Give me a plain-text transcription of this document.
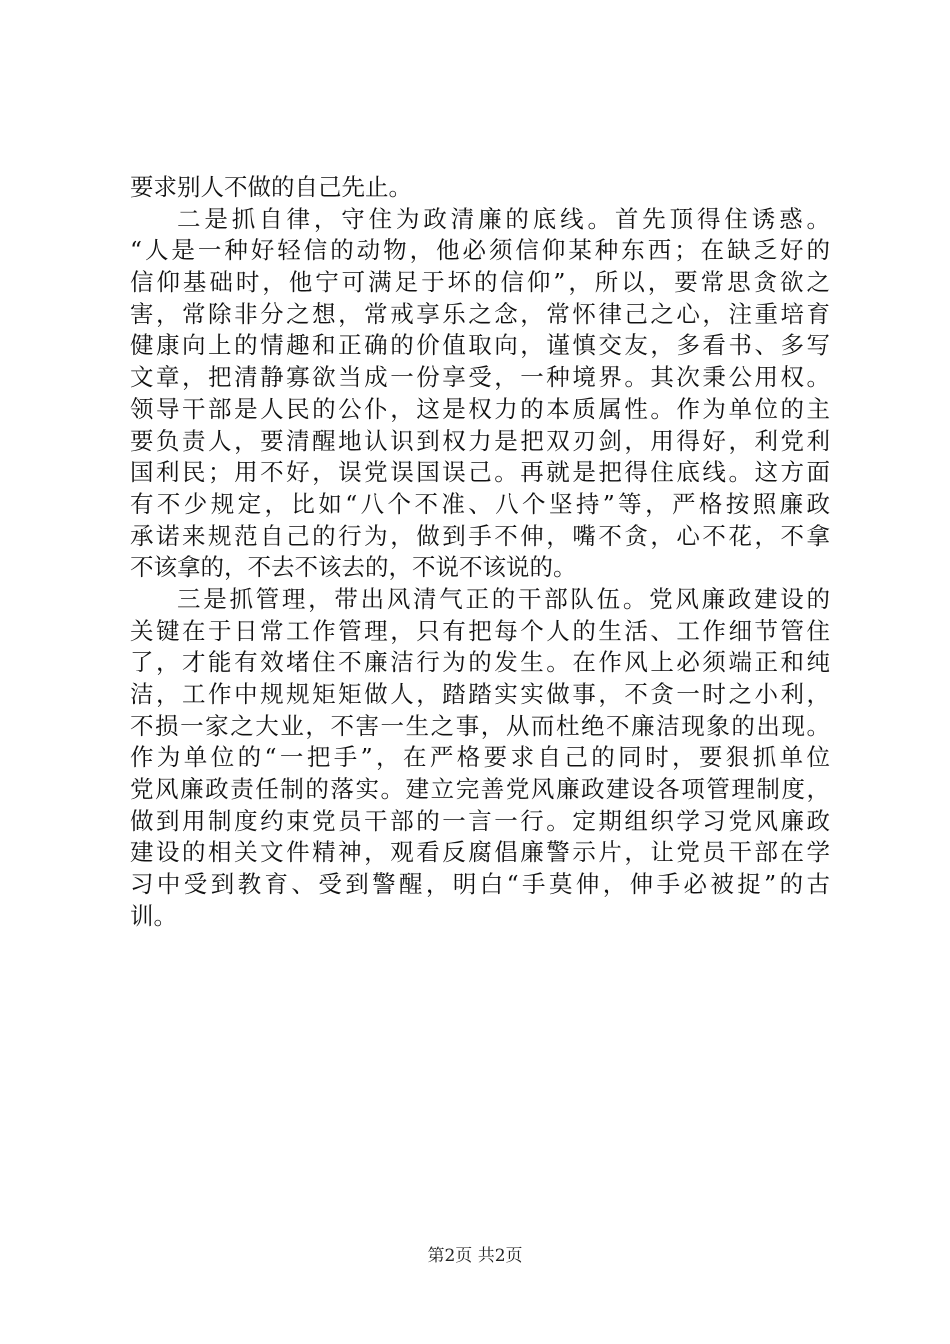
要求别人不做的自己先止。
二是抓自律，守住为政清廉的底线。首先顶得住诱惑。
“人是一种好轻信的动物，他必须信仰某种东西；在缺乏好的
信仰基础时，他宁可满足于坏的信仰”，所以，要常思贪欲之
害，常除非分之想，常戒享乐之念，常怀律己之心，注重培育
健康向上的情趣和正确的价值取向，谨慎交友，多看书、多写
文章，把清静寡欲当成一份享受，一种境界。其次秉公用权。
领导干部是人民的公仆，这是权力的本质属性。作为单位的主
要负责人，要清醒地认识到权力是把双刃剑，用得好，利党利
国利民；用不好，误党误国误己。再就是把得住底线。这方面
有不少规定，比如“八个不准、八个坚持”等，严格按照廉政
承诺来规范自己的行为，做到手不伸，嘴不贪，心不花，不拿
不该拿的，不去不该去的，不说不该说的。
三是抓管理，带出风清气正的干部队伍。党风廉政建设的
关键在于日常工作管理，只有把每个人的生活、工作细节管住
了，才能有效堵住不廉洁行为的发生。在作风上必须端正和纯
洁，工作中规规矩矩做人，踏踏实实做事，不贪一时之小利，
不损一家之大业，不害一生之事，从而杜绝不廉洁现象的出现。
作为单位的“一把手”，在严格要求自己的同时，要狠抓单位
党风廉政责任制的落实。建立完善党风廉政建设各项管理制度，
做到用制度约束党员干部的一言一行。定期组织学习党风廉政
建设的相关文件精神，观看反腐倡廉警示片，让党员干部在学
习中受到教育、受到警醒，明白“手莫伸，伸手必被捉”的古
训。
第2页 共2页
